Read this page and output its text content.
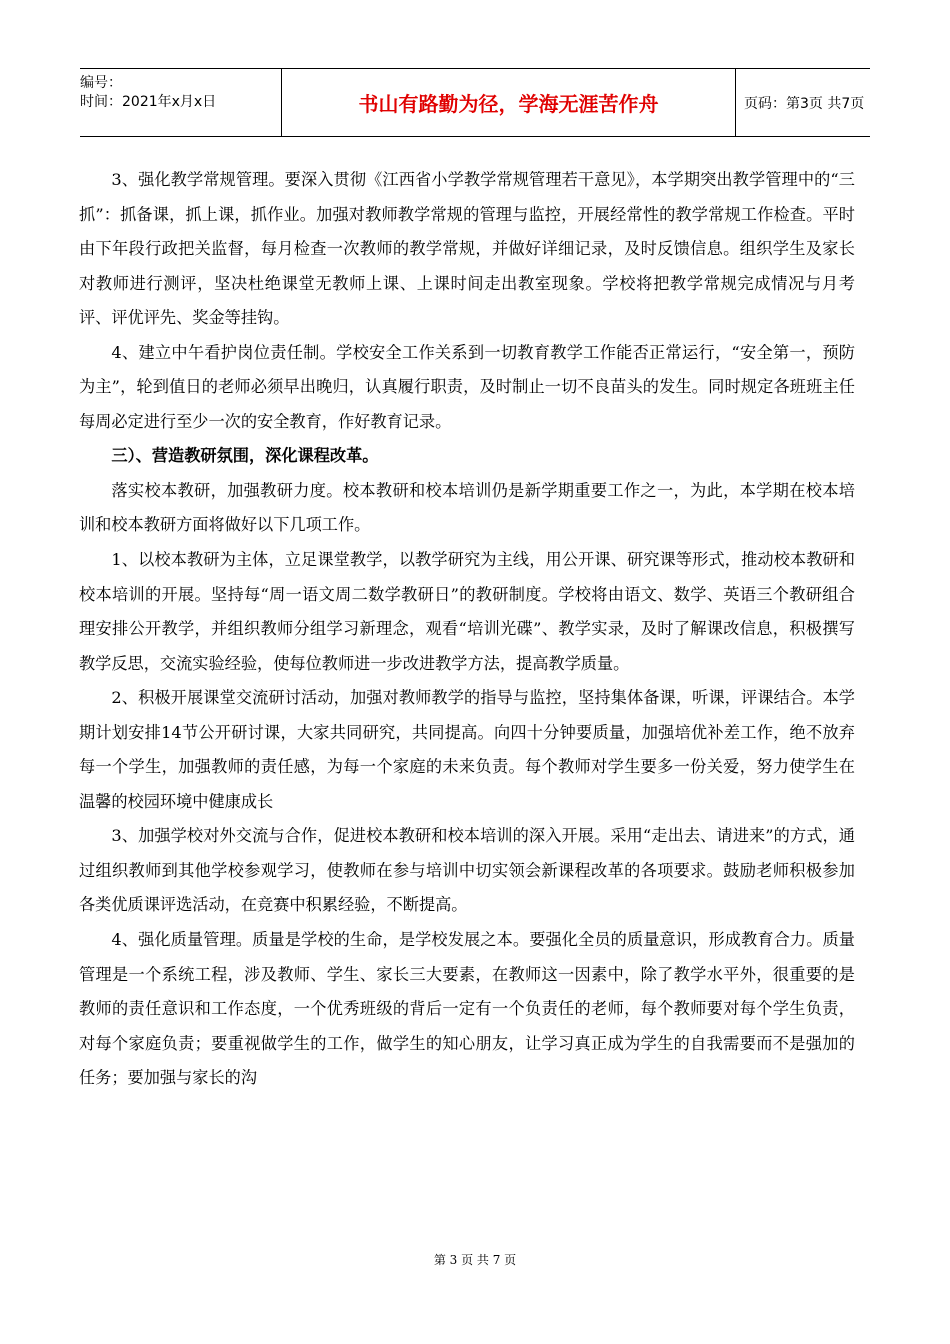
编号：
时间：2021年x月x日	书山有路勤为径，学海无涯苦作舟	页码：第3页 共7页

3、强化教学常规管理。要深入贯彻《江西省小学教学常规管理若干意见》，本学期突出教学管理中的“三抓”：抓备课，抓上课，抓作业。加强对教师教学常规的管理与监控，开展经常性的教学常规工作检查。平时由下年段行政把关监督，每月检查一次教师的教学常规，并做好详细记录，及时反馈信息。组织学生及家长对教师进行测评，坚决杜绝课堂无教师上课、上课时间走出教室现象。学校将把教学常规完成情况与月考评、评优评先、奖金等挂钩。

4、建立中午看护岗位责任制。学校安全工作关系到一切教育教学工作能否正常运行，“安全第一，预防为主”，轮到值日的老师必须早出晚归，认真履行职责，及时制止一切不良苗头的发生。同时规定各班班主任每周必定进行至少一次的安全教育，作好教育记录。

三）、营造教研氛围，深化课程改革。

落实校本教研，加强教研力度。校本教研和校本培训仍是新学期重要工作之一，为此，本学期在校本培训和校本教研方面将做好以下几项工作。

1、以校本教研为主体，立足课堂教学，以教学研究为主线，用公开课、研究课等形式，推动校本教研和校本培训的开展。坚持每“周一语文周二数学教研日”的教研制度。学校将由语文、数学、英语三个教研组合理安排公开教学，并组织教师分组学习新理念，观看“培训光碟”、教学实录，及时了解课改信息，积极撰写教学反思，交流实验经验，使每位教师进一步改进教学方法，提高教学质量。

2、积极开展课堂交流研讨活动，加强对教师教学的指导与监控，坚持集体备课，听课，评课结合。本学期计划安排14节公开研讨课，大家共同研究，共同提高。向四十分钟要质量，加强培优补差工作，绝不放弃每一个学生，加强教师的责任感，为每一个家庭的未来负责。每个教师对学生要多一份关爱，努力使学生在温馨的校园环境中健康成长

3、加强学校对外交流与合作，促进校本教研和校本培训的深入开展。采用“走出去、请进来”的方式，通过组织教师到其他学校参观学习，使教师在参与培训中切实领会新课程改革的各项要求。鼓励老师积极参加各类优质课评选活动，在竞赛中积累经验，不断提高。

4、强化质量管理。质量是学校的生命，是学校发展之本。要强化全员的质量意识，形成教育合力。质量管理是一个系统工程，涉及教师、学生、家长三大要素，在教师这一因素中，除了教学水平外，很重要的是教师的责任意识和工作态度，一个优秀班级的背后一定有一个负责任的老师，每个教师要对每个学生负责，对每个家庭负责；要重视做学生的工作，做学生的知心朋友，让学习真正成为学生的自我需要而不是强加的任务；要加强与家长的沟

第 3 页 共 7 页
